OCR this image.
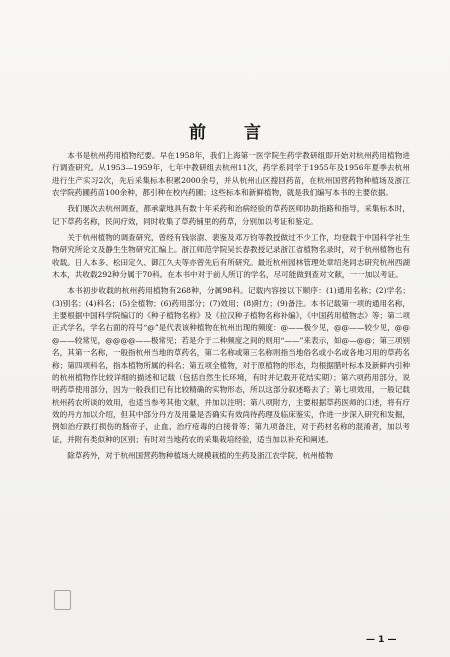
前 言

本书是杭州药用植物纪要。早在1958年，我们上海第一医学院生药学教研组即开始对杭州药用植物进行调查研究。从1953—1959年，七年中教研组去杭州11次，药学系同学于1955年及1956年夏季去杭州进行生产实习2次，先后采集标本积累2000余号，并从杭州山区搜回药苗，在杭州国营药物种植场及浙江农学院药圃药苗100余种，都引种在校内药圃；这些标本和新鲜植物，就是我们编写本书的主要依据。

我们屡次去杭州调查，都承蒙地具有数十年采药和治病经验的草药医师协助指路和指导，采集标本时，记下草药名称，民间疗效，同时收集了草药铺里的药草，分别加以考证和鉴定。

关于杭州植物的调查研究，曾经有钱崇澍、裴鉴及邓万钧等教授做过不少工作，均登载于中国科学社生物研究所论文及静生生物研究汇编上。浙江师范学院吴长春教授记录浙江省植物名录时，对于杭州植物也有收载。日人本多、松田定久、御江久夫等亦曾先后有所研究。最近杭州园林管理处章绍尧同志研究杭州西湖木本，共收载292种分属于70科。在本书中对于前人所订的学名，尽可能做到查对文献，一一加以考证。

本书初步收载的杭州药用植物有268种，分属98科。记载内容按以下顺序：(1)通用名称；(2)学名；(3)别名；(4)科名；(5)全植物；(6)药用部分；(7)效用；(8)附方；(9)备注。本书记载第一项的通用名称，主要根据中国科学院编订的《种子植物名称》及《拉汉种子植物名称补编》，《中国药用植物志》等；第二项正式学名，学名右面的符号“@”是代表该种植物在杭州出现的频度：@——极少见，@@——较少见，@@@——较常见，@@@@——极常见；若是介于二种频度之间的则用“——”来表示，如@—@@；第三项别名，其第一名称，一般指杭州当地的草药名，第二名称或第三名称则指当地俗名或小名或各地习用的草药名称；第四项科名，指本植物所属的科名；第五项全植物，对于原植物的形态，均根据腊叶标本及新鲜内引种的杭州植物作比较详细的描述和记载（包括自然生长环境，有时并记载开花结实期）；第六项药用部分，说明药草使用部分，因为一般我们已有比较精确的实物形态，所以这部分叙述略去了；第七项效用，一般记载杭州药农所谈的效用，也适当参考其他文献，并加以注明；第八项附方，主要根据草药医师的口述，将有疗效的丹方加以介绍，但其中部分丹方及用量是否确实有效尚待药理及临床鉴实，作进一步深入研究和发掘，例如治疗跌打损伤的肠帝子，止血、治疗疮毒的白接骨等；第九项备注，对于药材名称的混淆者，加以考证，并附有类似种的区别；有时对当地药农的采集栽培经验，适当加以补充和阐述。

除草药外，对于杭州国营药物种植场大规模栽植的生药及浙江农学院、杭州植物

— 1 —
